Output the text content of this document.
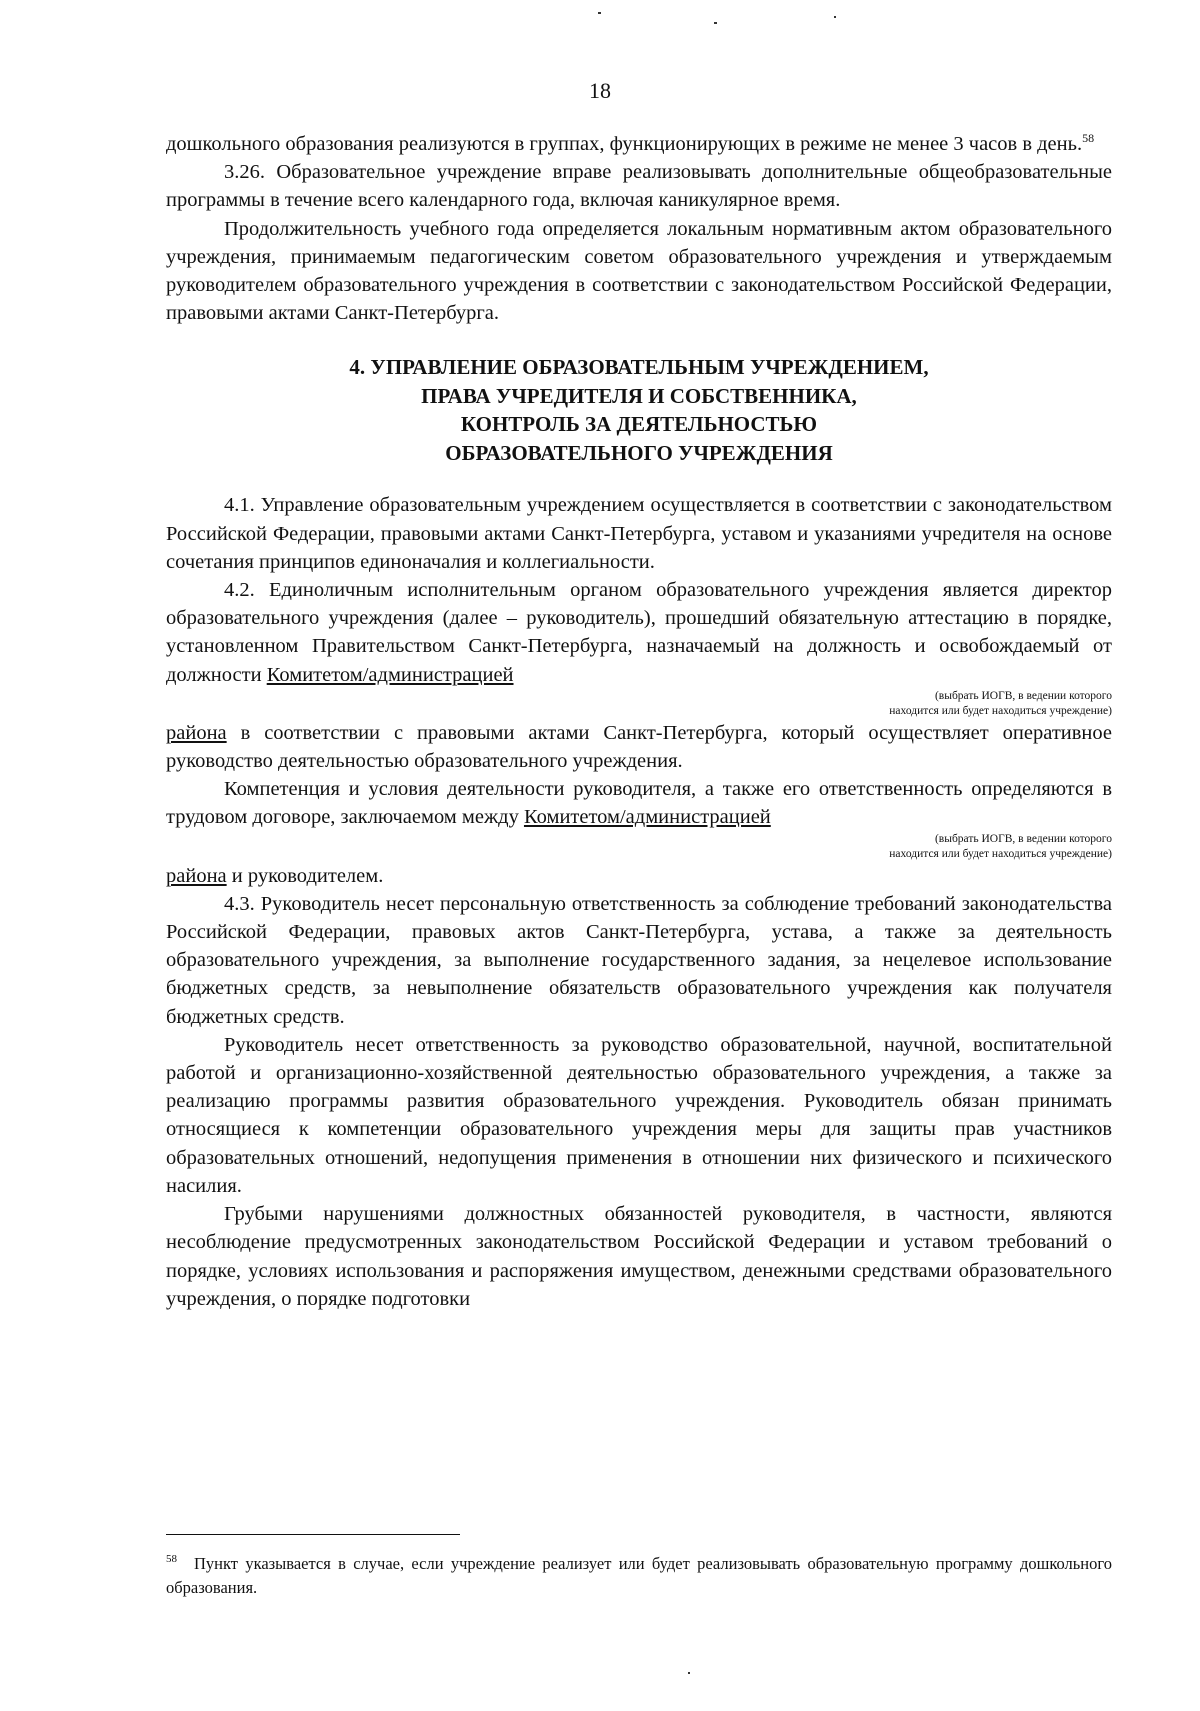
18

дошкольного образования реализуются в группах, функционирующих в режиме не менее 3 часов в день.$^{58}$

3.26. Образовательное учреждение вправе реализовывать дополнительные общеобразовательные программы в течение всего календарного года, включая каникулярное время.

Продолжительность учебного года определяется локальным нормативным актом образовательного учреждения, принимаемым педагогическим советом образовательного учреждения и утверждаемым руководителем образовательного учреждения в соответствии с законодательством Российской Федерации, правовыми актами Санкт-Петербурга.

4. УПРАВЛЕНИЕ ОБРАЗОВАТЕЛЬНЫМ УЧРЕЖДЕНИЕМ,
ПРАВА УЧРЕДИТЕЛЯ И СОБСТВЕННИКА,
КОНТРОЛЬ ЗА ДЕЯТЕЛЬНОСТЬЮ
ОБРАЗОВАТЕЛЬНОГО УЧРЕЖДЕНИЯ

4.1. Управление образовательным учреждением осуществляется в соответствии с законодательством Российской Федерации, правовыми актами Санкт-Петербурга, уставом и указаниями учредителя на основе сочетания принципов единоначалия и коллегиальности.

4.2. Единоличным исполнительным органом образовательного учреждения является директор образовательного учреждения (далее – руководитель), прошедший обязательную аттестацию в порядке, установленном Правительством Санкт-Петербурга, назначаемый на должность и освобождаемый от должности Комитетом/администрацией

(выбрать ИОГВ, в ведении которого
находится или будет находиться учреждение)

района в соответствии с правовыми актами Санкт-Петербурга, который осуществляет оперативное руководство деятельностью образовательного учреждения.

Компетенция и условия деятельности руководителя, а также его ответственность определяются в трудовом договоре, заключаемом между Комитетом/администрацией

(выбрать ИОГВ, в ведении которого
находится или будет находиться учреждение)

района и руководителем.

4.3. Руководитель несет персональную ответственность за соблюдение требований законодательства Российской Федерации, правовых актов Санкт-Петербурга, устава, а также за деятельность образовательного учреждения, за выполнение государственного задания, за нецелевое использование бюджетных средств, за невыполнение обязательств образовательного учреждения как получателя бюджетных средств.

Руководитель несет ответственность за руководство образовательной, научной, воспитательной работой и организационно-хозяйственной деятельностью образовательного учреждения, а также за реализацию программы развития образовательного учреждения. Руководитель обязан принимать относящиеся к компетенции образовательного учреждения меры для защиты прав участников образовательных отношений, недопущения применения в отношении них физического и психического насилия.

Грубыми нарушениями должностных обязанностей руководителя, в частности, являются несоблюдение предусмотренных законодательством Российской Федерации и уставом требований о порядке, условиях использования и распоряжения имуществом, денежными средствами образовательного учреждения, о порядке подготовки

58 Пункт указывается в случае, если учреждение реализует или будет реализовывать образовательную программу дошкольного образования.
